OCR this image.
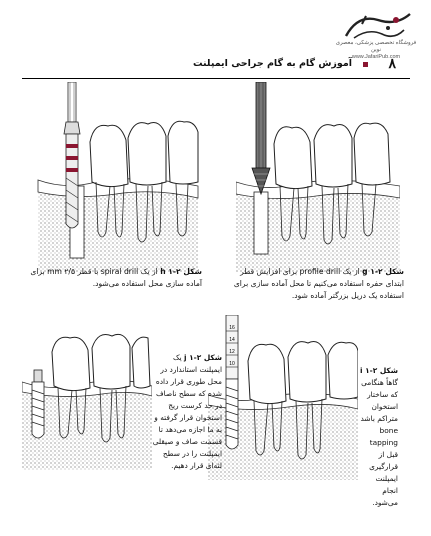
فروشگاه تخصصی پزشکی، معصری نوین
www.JafariPub.com
۸
آموزش گام به گام جراحی ایمپلنت
16
14
12
10
شکل ۲-۱ h از یک spiral drill با قطر mm ۲/۵ برای آماده سازی محل استفاده می‌شود.
شکل ۲-۱ g از یک profile drill برای افزایش قطر ابتدای حفره استفاده می‌کنیم تا محل آماده سازی برای استفاده یک دریل بزرگتر آماده شود.
شکل ۲-۱ j یک ایمپلنت استاندارد در محل طوری قرار داده شده که سطح ناصاف در حد کرست ریج استخوان قرار گرفته و به ما اجازه می‌دهد تا قسمت صاف و صیقلی ایمپلنت را در سطح لثه‌ای قرار دهیم.
شکل ۲-۱ i گاهاً هنگامی که ساختار استخوان متراکم باشد bone tapping قبل از قرارگیری ایمپلنت انجام می‌شود.
